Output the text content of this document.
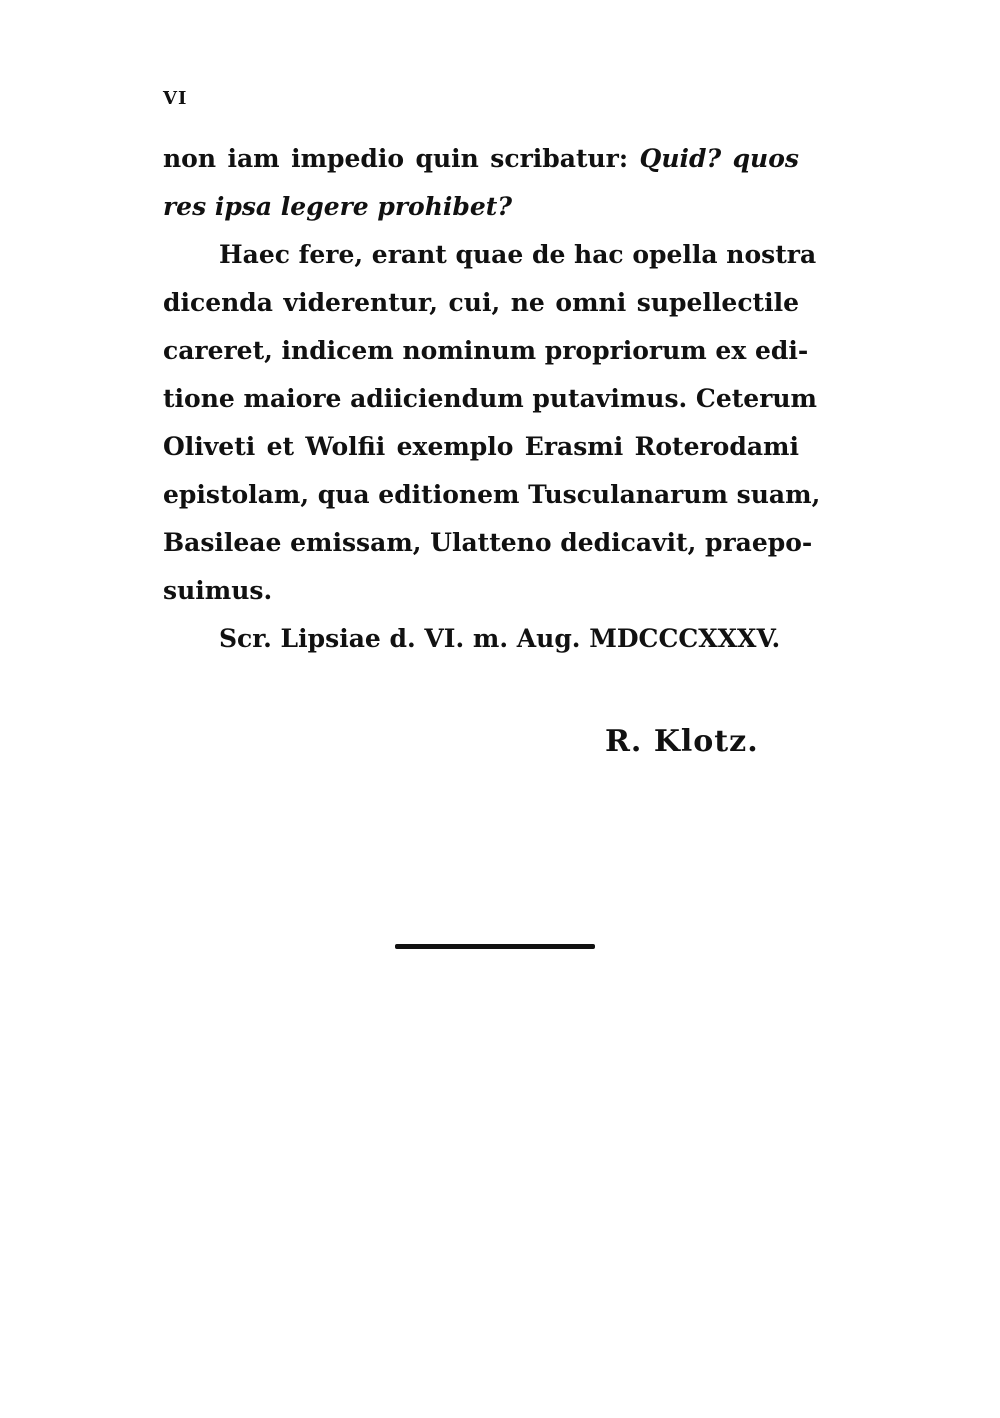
VI
non iam impedio quin scribatur: Quid? quos
res ipsa legere prohibet?
Haec fere, erant quae de hac opella nostra
dicenda viderentur, cui, ne omni supellectile
careret, indicem nominum propriorum ex edi-
tione maiore adiiciendum putavimus. Ceterum
Oliveti et Wolfii exemplo Erasmi Roterodami
epistolam, qua editionem Tusculanarum suam,
Basileae emissam, Ulatteno dedicavit, praepo-
suimus.
Scr. Lipsiae d. VI. m. Aug. MDCCCXXXV.
R. Klotz.
